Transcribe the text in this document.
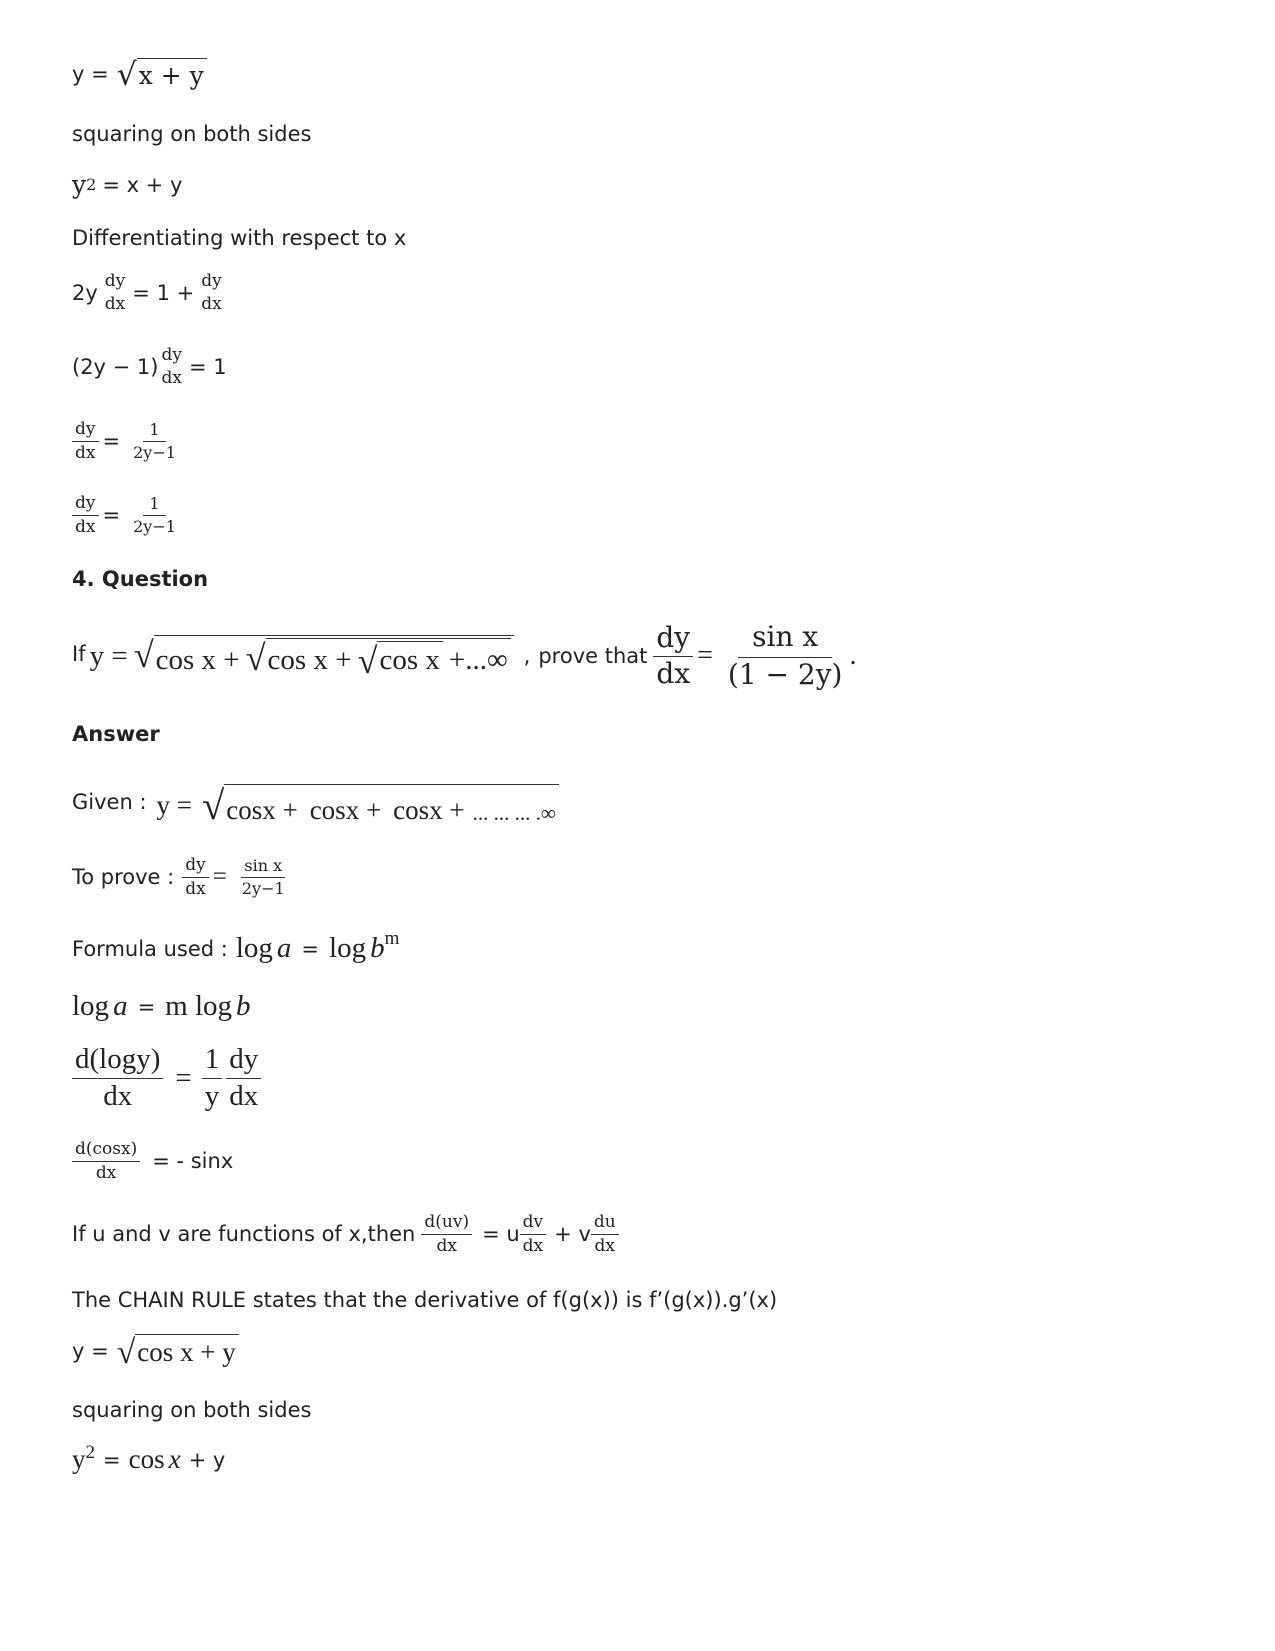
y = √ x + y
squaring on both sides
y 2 = x + y
Differentiating with respect to x
2y dy
dx = 1 + dy
dx
(2y − 1) dy
dx = 1
$\frac{dy}{dx} = \frac{1}{2y-1}$
$\frac{dy}{dx} = \frac{1}{2y-1}$
4. Question
If y = √ cos x + √ cos x + √ cos x +...∞ , prove that $\frac{dy}{dx} = \frac{\text{sin x}}{(1 - 2y)}$ .
Answer
Given : y = √ cosx + cosx + cosx + ... ... ... .∞
To prove : $\frac{dy}{dx} = \frac{\text{sin x}}{2y-1}$
Formula used : log a = log b m
log a = m log b
$\frac{d(\log y)}{dx} = \frac{1}{y} \frac{dy}{dx}$
$\frac{d(\cos x)}{dx}$ = - sinx
If u and v are functions of x,then $\frac{d(uv)}{dx} = u \frac{dv}{dx} + v \frac{du}{dx}$
The CHAIN RULE states that the derivative of f(g(x)) is f’(g(x)).g’(x)
y = √ cos x + y
squaring on both sides
y 2 = cos x + y
